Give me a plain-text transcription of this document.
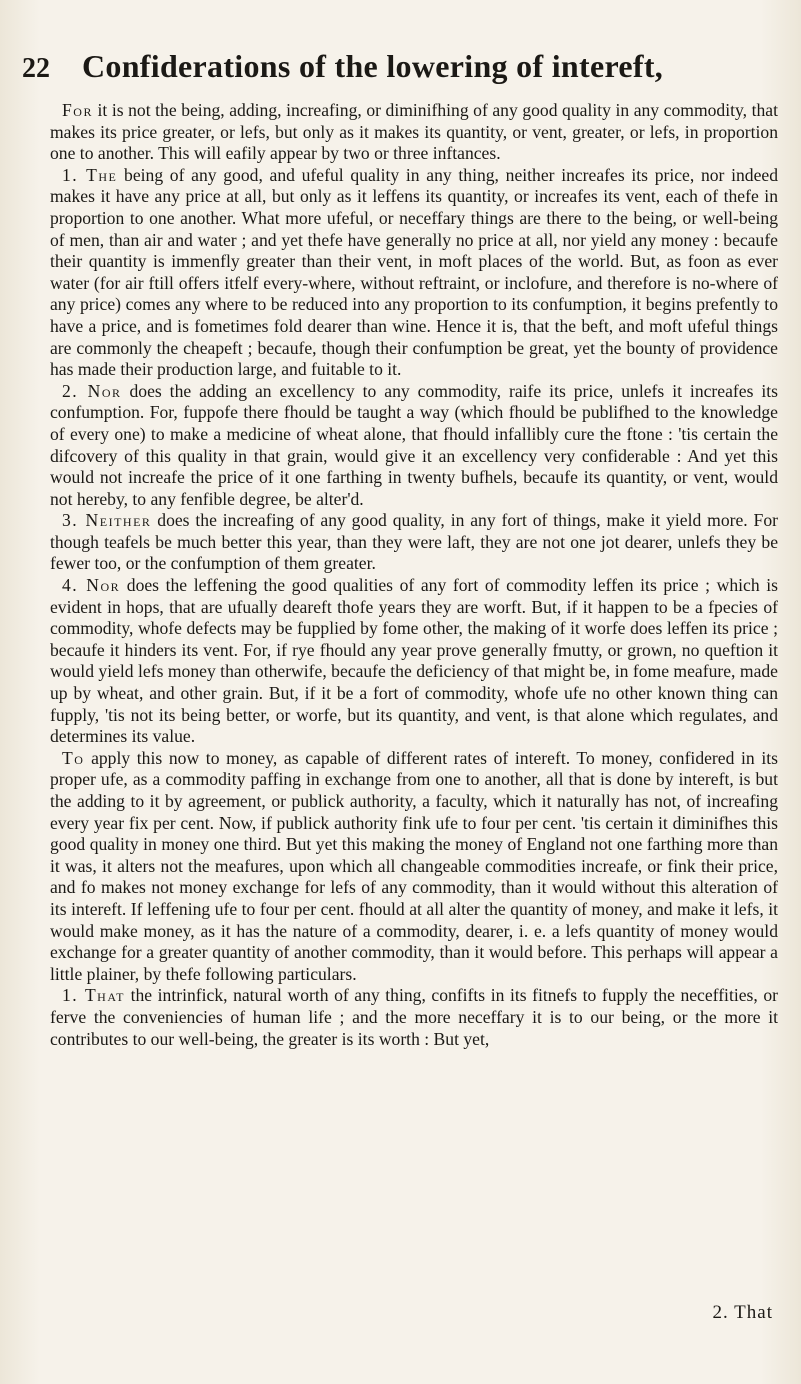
22	Confiderations of the lowering of intereft,

For it is not the being, adding, increafing, or diminifhing of any good quality in any commodity, that makes its price greater, or lefs, but only as it makes its quantity, or vent, greater, or lefs, in proportion one to another. This will eafily appear by two or three inftances.

1. The being of any good, and ufeful quality in any thing, neither increafes its price, nor indeed makes it have any price at all, but only as it leffens its quantity, or increafes its vent, each of thefe in proportion to one another. What more ufeful, or neceffary things are there to the being, or well-being of men, than air and water ; and yet thefe have generally no price at all, nor yield any money : becaufe their quantity is immenfly greater than their vent, in moft places of the world. But, as foon as ever water (for air ftill offers itfelf every-where, without reftraint, or inclofure, and therefore is no-where of any price) comes any where to be reduced into any proportion to its confumption, it begins prefently to have a price, and is fometimes fold dearer than wine. Hence it is, that the beft, and moft ufeful things are commonly the cheapeft ; becaufe, though their confumption be great, yet the bounty of providence has made their production large, and fuitable to it.

2. Nor does the adding an excellency to any commodity, raife its price, unlefs it increafes its confumption. For, fuppofe there fhould be taught a way (which fhould be publifhed to the knowledge of every one) to make a medicine of wheat alone, that fhould infallibly cure the ftone : 'tis certain the difcovery of this quality in that grain, would give it an excellency very confiderable : And yet this would not increafe the price of it one farthing in twenty bufhels, becaufe its quantity, or vent, would not hereby, to any fenfible degree, be alter'd.

3. Neither does the increafing of any good quality, in any fort of things, make it yield more. For though teafels be much better this year, than they were laft, they are not one jot dearer, unlefs they be fewer too, or the confumption of them greater.

4. Nor does the leffening the good qualities of any fort of commodity leffen its price ; which is evident in hops, that are ufually deareft thofe years they are worft. But, if it happen to be a fpecies of commodity, whofe defects may be fupplied by fome other, the making of it worfe does leffen its price ; becaufe it hinders its vent. For, if rye fhould any year prove generally fmutty, or grown, no queftion it would yield lefs money than otherwife, becaufe the deficiency of that might be, in fome meafure, made up by wheat, and other grain. But, if it be a fort of commodity, whofe ufe no other known thing can fupply, 'tis not its being better, or worfe, but its quantity, and vent, is that alone which regulates, and determines its value.

To apply this now to money, as capable of different rates of intereft. To money, confidered in its proper ufe, as a commodity paffing in exchange from one to another, all that is done by intereft, is but the adding to it by agreement, or publick authority, a faculty, which it naturally has not, of increafing every year fix per cent. Now, if publick authority fink ufe to four per cent. 'tis certain it diminifhes this good quality in money one third. But yet this making the money of England not one farthing more than it was, it alters not the meafures, upon which all changeable commodities increafe, or fink their price, and fo makes not money exchange for lefs of any commodity, than it would without this alteration of its intereft. If leffening ufe to four per cent. fhould at all alter the quantity of money, and make it lefs, it would make money, as it has the nature of a commodity, dearer, i. e. a lefs quantity of money would exchange for a greater quantity of another commodity, than it would before. This perhaps will appear a little plainer, by thefe following particulars.

1. That the intrinfick, natural worth of any thing, confifts in its fitnefs to fupply the neceffities, or ferve the conveniencies of human life ; and the more neceffary it is to our being, or the more it contributes to our well-being, the greater is its worth : But yet,

2. That
